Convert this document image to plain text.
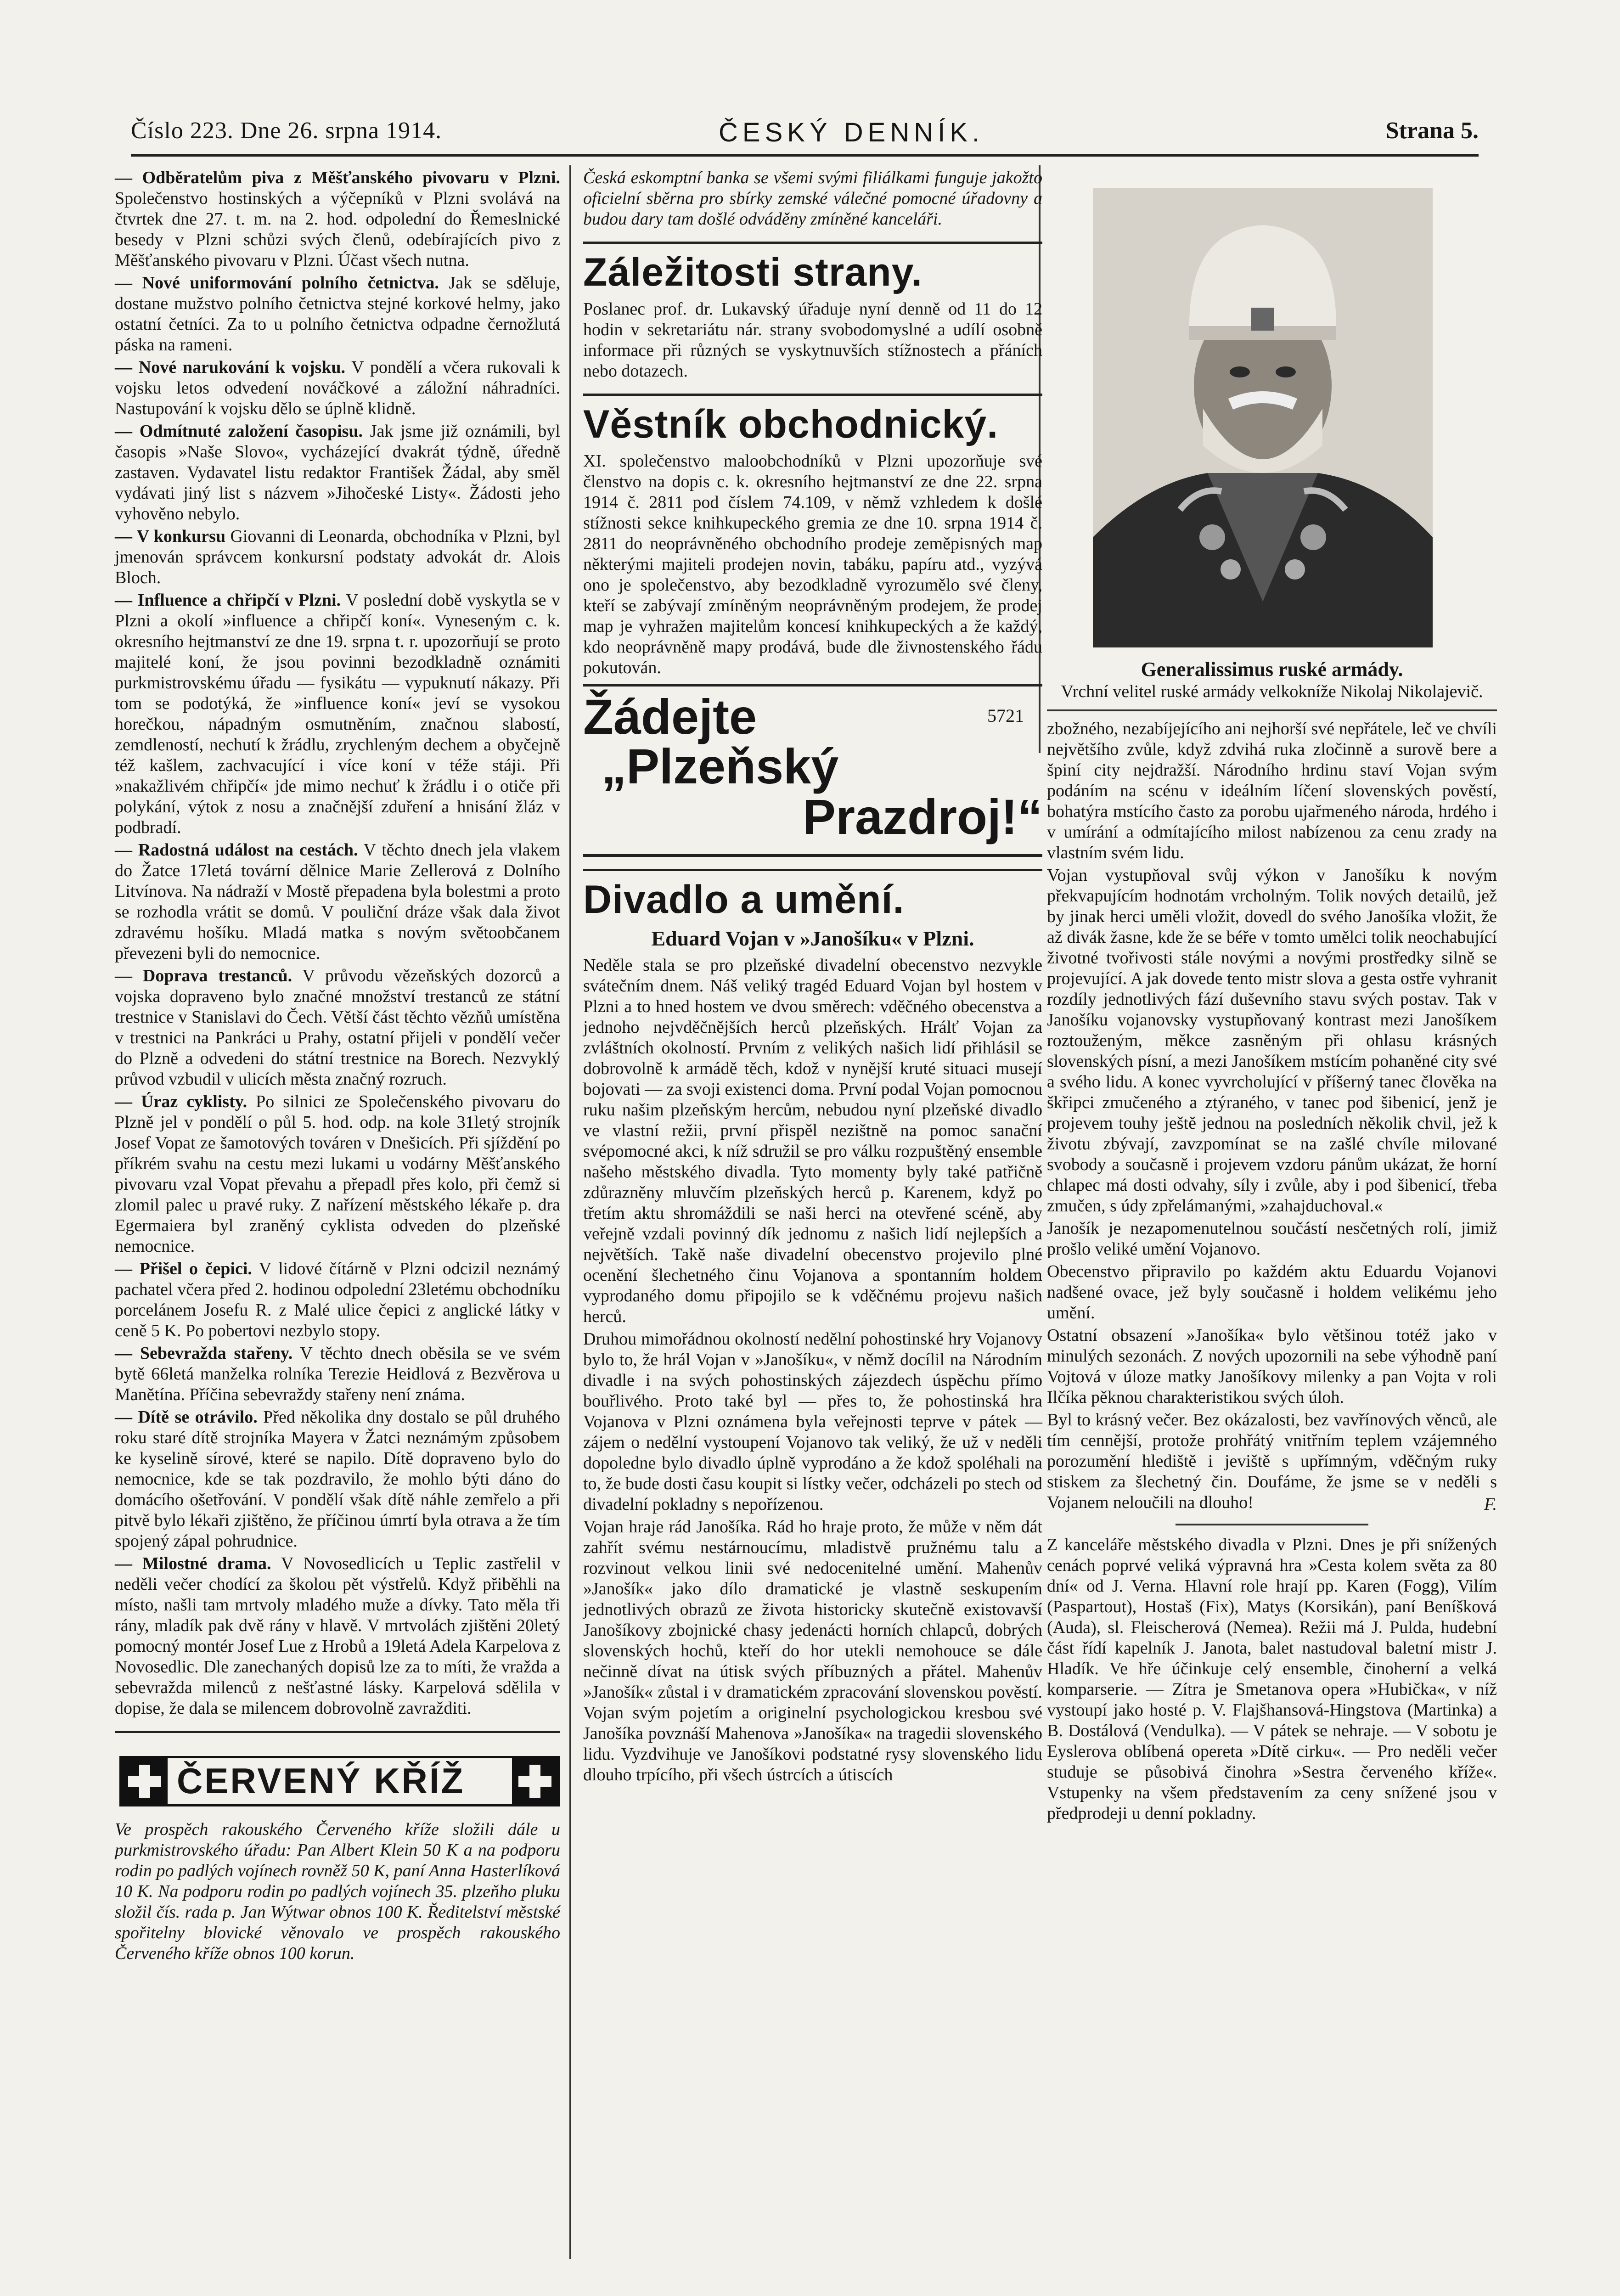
Číslo 223. Dne 26. srpna 1914.	ČESKÝ DENNÍK.	Strana 5.

— Odběratelům piva z Měšťanského pivovaru v Plzni. Společenstvo hostinských a výčepníků v Plzni svolává na čtvrtek dne 27. t. m. na 2. hod. odpolední do Řemeslnické besedy v Plzni schůzi svých členů, odebírajících pivo z Měšťanského pivovaru v Plzni. Účast všech nutna.

— Nové uniformování polního četnictva. Jak se sděluje, dostane mužstvo polního četnictva stejné korkové helmy, jako ostatní četníci. Za to u polního četnictva odpadne černožlutá páska na rameni.

— Nové narukování k vojsku. V pondělí a včera rukovali k vojsku letos odvedení nováčkové a záložní náhradníci. Nastupování k vojsku dělo se úplně klidně.

— Odmítnuté založení časopisu. Jak jsme již oznámili, byl časopis »Naše Slovo«, vycházející dvakrát týdně, úředně zastaven. Vydavatel listu redaktor František Žádal, aby směl vydávati jiný list s názvem »Jihočeské Listy«. Žádosti jeho vyhověno nebylo.

— V konkursu Giovanni di Leonarda, obchodníka v Plzni, byl jmenován správcem konkursní podstaty advokát dr. Alois Bloch.

— Influence a chřipčí v Plzni. V poslední době vyskytla se v Plzni a okolí »influence a chřipčí koní«. Vyneseným c. k. okresního hejtmanství ze dne 19. srpna t. r. upozorňují se proto majitelé koní, že jsou povinni bezodkladně oznámiti purkmistrovskému úřadu — fysikátu — vypuknutí nákazy. Při tom se podotýká, že »influence koní« jeví se vysokou horečkou, nápadným osmutněním, značnou slabostí, zemdleností, nechutí k žrádlu, zrychleným dechem a obyčejně též kašlem, zachvacující i více koní v téže stáji. Při »nakažlivém chřipčí« jde mimo nechuť k žrádlu i o otiče při polykání, výtok z nosu a značnější zduření a hnisání žláz v podbradí.

— Radostná událost na cestách. V těchto dnech jela vlakem do Žatce 17letá tovární dělnice Marie Zellerová z Dolního Litvínova. Na nádraží v Mostě přepadena byla bolestmi a proto se rozhodla vrátit se domů. V pouliční dráze však dala život zdravému hošíku. Mladá matka s novým světoobčanem převezeni byli do nemocnice.

— Doprava trestanců. V průvodu vězeňských dozorců a vojska dopraveno bylo značné množství trestanců ze státní trestnice v Stanislavi do Čech. Větší část těchto vězňů umístěna v trestnici na Pankráci u Prahy, ostatní přijeli v pondělí večer do Plzně a odvedeni do státní trestnice na Borech. Nezvyklý průvod vzbudil v ulicích města značný rozruch.

— Úraz cyklisty. Po silnici ze Společenského pivovaru do Plzně jel v pondělí o půl 5. hod. odp. na kole 31letý strojník Josef Vopat ze šamotových továren v Dnešicích. Při sjíždění po příkrém svahu na cestu mezi lukami u vodárny Měšťanského pivovaru vzal Vopat převahu a přepadl přes kolo, při čemž si zlomil palec u pravé ruky. Z nařízení městského lékaře p. dra Egermaiera byl zraněný cyklista odveden do plzeňské nemocnice.

— Přišel o čepici. V lidové čítárně v Plzni odcizil neznámý pachatel včera před 2. hodinou odpolední 23letému obchodníku porcelánem Josefu R. z Malé ulice čepici z anglické látky v ceně 5 K. Po pobertovi nezbylo stopy.

— Sebevražda stařeny. V těchto dnech oběsila se ve svém bytě 66letá manželka rolníka Terezie Heidlová z Bezvěrova u Manětína. Příčina sebevraždy stařeny není známa.

— Dítě se otrávilo. Před několika dny dostalo se půl druhého roku staré dítě strojníka Mayera v Žatci neznámým způsobem ke kyselině sírové, které se napilo. Dítě dopraveno bylo do nemocnice, kde se tak pozdravilo, že mohlo býti dáno do domácího ošetřování. V pondělí však dítě náhle zemřelo a při pitvě bylo lékaři zjištěno, že příčinou úmrtí byla otrava a že tím spojený zápal pohrudnice.

— Milostné drama. V Novosedlicích u Teplic zastřelil v neděli večer chodící za školou pět výstřelů. Když přiběhli na místo, našli tam mrtvoly mladého muže a dívky. Tato měla tři rány, mladík pak dvě rány v hlavě. V mrtvolách zjištěni 20letý pomocný montér Josef Lue z Hrobů a 19letá Adela Karpelova z Novosedlic. Dle zanechaných dopisů lze za to míti, že vražda a sebevražda milenců z nešťastné lásky. Karpelová sdělila v dopise, že dala se milencem dobrovolně zavražditi.

ČERVENÝ KŘÍŽ

Ve prospěch rakouského Červeného kříže složili dále u purkmistrovského úřadu: Pan Albert Klein 50 K a na podporu rodin po padlých vojínech rovněž 50 K, paní Anna Hasterlíková 10 K. Na podporu rodin po padlých vojínech 35. plzeňho pluku složil čís. rada p. Jan Wýtwar obnos 100 K. Ředitelství městské spořitelny blovické věnovalo ve prospěch rakouského Červeného kříže obnos 100 korun.

Česká eskomptní banka se všemi svými filiálkami funguje jakožto oficielní sběrna pro sbírky zemské válečné pomocné úřadovny a budou dary tam došlé odváděny zmíněné kanceláři.

Záležitosti strany.

Poslanec prof. dr. Lukavský úřaduje nyní denně od 11 do 12 hodin v sekretariátu nár. strany svobodomyslné a udílí osobně informace při různých se vyskytnuvších stížnostech a přáních nebo dotazech.

Věstník obchodnický.

XI. společenstvo maloobchodníků v Plzni upozorňuje své členstvo na dopis c. k. okresního hejtmanství ze dne 22. srpna 1914 č. 2811 pod číslem 74.109, v němž vzhledem k došlé stížnosti sekce knihkupeckého gremia ze dne 10. srpna 1914 č. 2811 do neoprávněného obchodního prodeje zeměpisných map některými majiteli prodejen novin, tabáku, papíru atd., vyzývá ono je společenstvo, aby bezodkladně vyrozumělo své členy, kteří se zabývají zmíněným neoprávněným prodejem, že prodej map je vyhražen majitelům koncesí knihkupeckých a že každý, kdo neoprávněně mapy prodává, bude dle živnostenského řádu pokutován.

Žádejte	5721
„Plzeňský
Prazdroj!“
Divadlo a umění.
Eduard Vojan v »Janošíku« v Plzni.

Neděle stala se pro plzeňské divadelní obecenstvo nezvykle svátečním dnem. Náš veliký tragéd Eduard Vojan byl hostem v Plzni a to hned hostem ve dvou směrech: vděčného obecenstva a jednoho nejvděčnějších herců plzeňských. Hrálť Vojan za zvláštních okolností. Prvním z velikých našich lidí přihlásil se dobrovolně k armádě těch, kdož v nynější kruté situaci musejí bojovati — za svoji existenci doma. První podal Vojan pomocnou ruku našim plzeňským hercům, nebudou nyní plzeňské divadlo ve vlastní režii, první přispěl nezištně na pomoc sanační svépomocné akci, k níž sdružil se pro válku rozpuštěný ensemble našeho městského divadla. Tyto momenty byly také patřičně zdůrazněny mluvčím plzeňských herců p. Karenem, když po třetím aktu shromáždili se naši herci na otevřené scéně, aby veřejně vzdali povinný dík jednomu z našich lidí nejlepších a největších. Takě naše divadelní obecenstvo projevilo plné ocenění šlechetného činu Vojanova a spontanním holdem vyprodaného domu připojilo se k vděčnému projevu našich herců.

Druhou mimořádnou okolností nedělní pohostinské hry Vojanovy bylo to, že hrál Vojan v »Janošíku«, v němž docílil na Národním divadle i na svých pohostinských zájezdech úspěchu přímo bouřlivého. Proto také byl — přes to, že pohostinská hra Vojanova v Plzni oznámena byla veřejnosti teprve v pátek — zájem o nedělní vystoupení Vojanovo tak veliký, že už v neděli dopoledne bylo divadlo úplně vyprodáno a že kdož spoléhali na to, že bude dosti času koupit si lístky večer, odcházeli po stech od divadelní pokladny s nepořízenou.

Vojan hraje rád Janošíka. Rád ho hraje proto, že může v něm dát zahřít svému nestárnoucímu, mladistvě pružnému talu a rozvinout velkou linii své nedocenitelné umění. Mahenův »Janošík« jako dílo dramatické je vlastně seskupením jednotlivých obrazů ze života historicky skutečně existovavší Janošíkovy zbojnické chasy jedenácti horních chlapců, dobrých slovenských hochů, kteří do hor utekli nemohouce se dále nečinně dívat na útisk svých příbuzných a přátel. Mahenův »Janošík« zůstal i v dramatickém zpracování slovenskou pověstí. Vojan svým pojetím a originelní psychologickou kresbou své Janošíka povznáší Mahenova »Janošíka« na tragedii slovenského lidu. Vyzdvihuje ve Janošíkovi podstatné rysy slovenského lidu dlouho trpícího, při všech ústrcích a útiscích

Generalissimus ruské armády.
Vrchní velitel ruské armády velkokníže Nikolaj Nikolajevič.

zbožného, nezabíjejícího ani nejhorší své nepřátele, leč ve chvíli největšího zvůle, když zdvihá ruka zločinně a surově bere a špiní city nejdražší. Národního hrdinu staví Vojan svým podáním na scénu v ideálním líčení slovenských pověstí, bohatýra mstícího často za porobu ujařmeného národa, hrdého i v umírání a odmítajícího milost nabízenou za cenu zrady na vlastním svém lidu.

Vojan vystupňoval svůj výkon v Janošíku k novým překvapujícím hodnotám vrcholným. Tolik nových detailů, jež by jinak herci uměli vložit, dovedl do svého Janošíka vložit, že až divák žasne, kde že se béře v tomto umělci tolik neochabující životné tvořivosti stále novými a novými prostředky silně se projevující. A jak dovede tento mistr slova a gesta ostře vyhranit rozdíly jednotlivých fází duševního stavu svých postav. Tak v Janošíku vojanovsky vystupňovaný kontrast mezi Janošíkem roztouženým, měkce zasněným při ohlasu krásných slovenských písní, a mezi Janošíkem mstícím pohaněné city své a svého lidu. A konec vyvrcholující v příšerný tanec člověka na škřipci zmučeného a ztýraného, v tanec pod šibenicí, jenž je projevem touhy ještě jednou na posledních několik chvil, jež k životu zbývají, zavzpomínat se na zašlé chvíle milované svobody a současně i projevem vzdoru pánům ukázat, že horní chlapec má dosti odvahy, síly i zvůle, aby i pod šibenicí, třeba zmučen, s údy zpřelámanými, »zahajduchoval.«

Janošík je nezapomenutelnou součástí nesčetných rolí, jimiž prošlo veliké umění Vojanovo.

Obecenstvo připravilo po každém aktu Eduardu Vojanovi nadšené ovace, jež byly současně i holdem velikému jeho umění.

Ostatní obsazení »Janošíka« bylo většinou totéž jako v minulých sezonách. Z nových upozornili na sebe výhodně paní Vojtová v úloze matky Janošíkovy milenky a pan Vojta v roli Ilčíka pěknou charakteristikou svých úloh.

Byl to krásný večer. Bez okázalosti, bez vavřínových věnců, ale tím cennější, protože prohřátý vnitřním teplem vzájemného porozumění hlediště i jeviště s upřímným, vděčným ruky stiskem za šlechetný čin. Doufáme, že jsme se v neděli s Vojanem neloučili na dlouho!	F.

Z kanceláře městského divadla v Plzni. Dnes je při snížených cenách poprvé veliká výpravná hra »Cesta kolem světa za 80 dní« od J. Verna. Hlavní role hrají pp. Karen (Fogg), Vilím (Paspartout), Hostaš (Fix), Matys (Korsikán), paní Beníšková (Auda), sl. Fleischerová (Nemea). Režii má J. Pulda, hudební část řídí kapelník J. Janota, balet nastudoval baletní mistr J. Hladík. Ve hře účinkuje celý ensemble, činoherní a velká komparserie. — Zítra je Smetanova opera »Hubička«, v níž vystoupí jako hosté p. V. Flajšhansová-Hingstova (Martinka) a B. Dostálová (Vendulka). — V pátek se nehraje. — V sobotu je Eyslerova oblíbená opereta »Dítě cirku«. — Pro neděli večer studuje se působivá činohra »Sestra červeného kříže«. Vstupenky na všem představením za ceny snížené jsou v předprodeji u denní pokladny.
